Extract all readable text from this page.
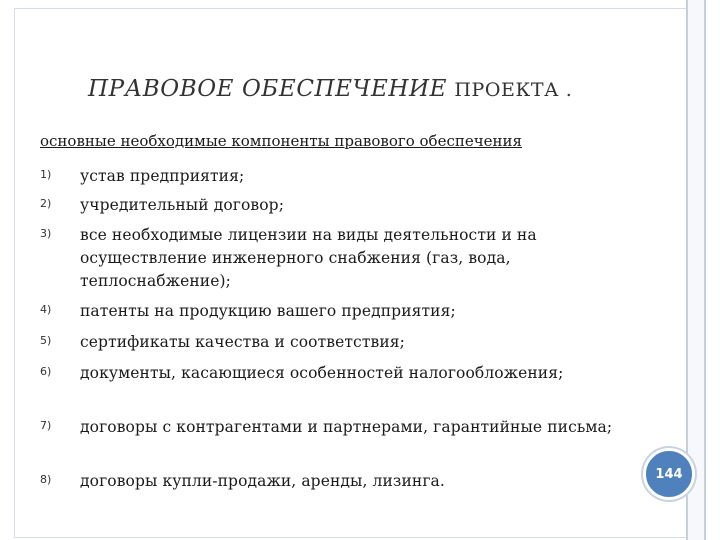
ПРАВОВОЕ ОБЕСПЕЧЕНИЕ ПРОЕКТА .
основные необходимые компоненты правового обеспечения
1) устав предприятия;
2) учредительный договор;
3) все необходимые лицензии на виды деятельности и на осуществление инженерного снабжения (газ, вода, теплоснабжение);
4) патенты на продукцию вашего предприятия;
5) сертификаты качества и соответствия;
6) документы, касающиеся особенностей налогообложения;
7) договоры с контрагентами и партнерами, гарантийные письма;
8) договоры купли-продажи, аренды, лизинга.	144
